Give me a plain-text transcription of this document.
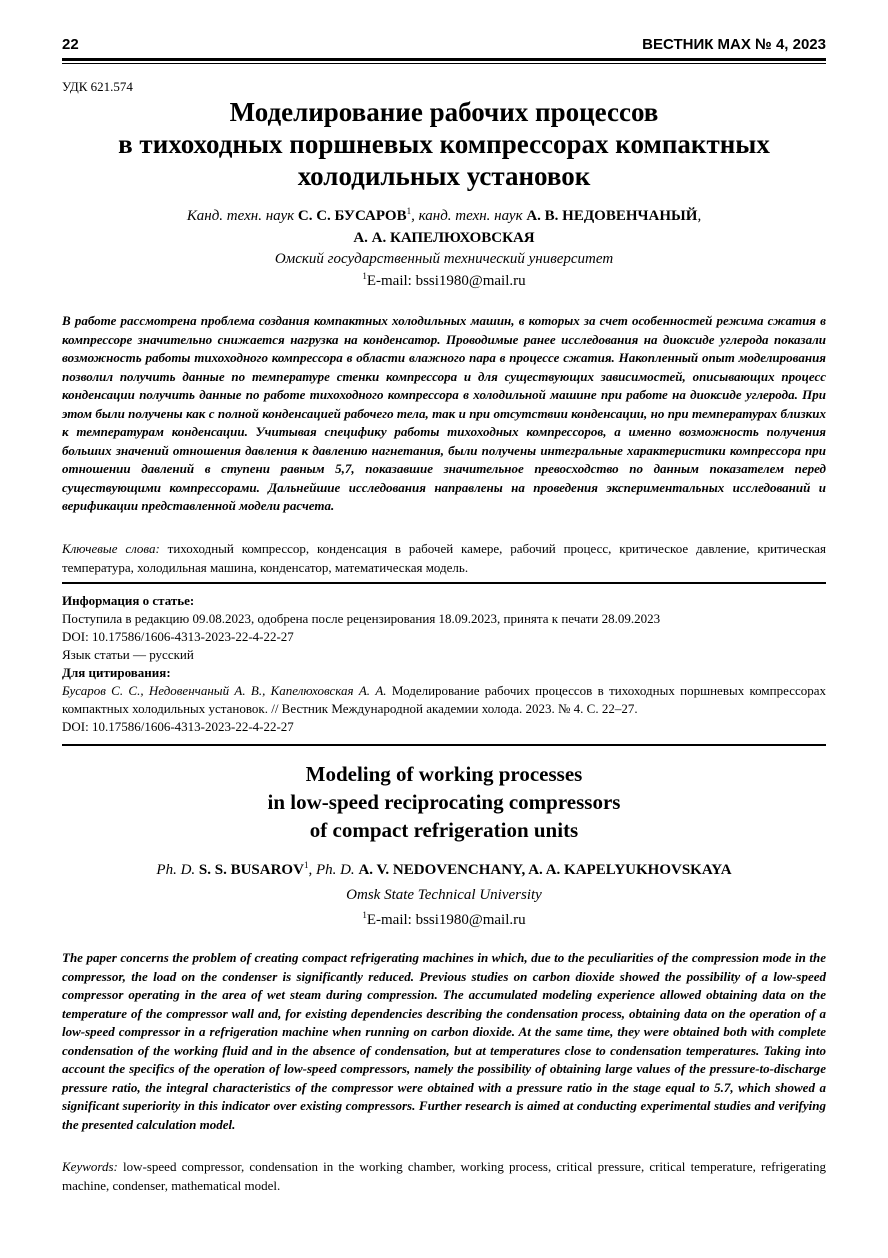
22	ВЕСТНИК МАХ № 4, 2023
УДК 621.574
Моделирование рабочих процессов
в тихоходных поршневых компрессорах компактных
холодильных установок
Канд. техн. наук С. С. БУСАРОВ$^1$, канд. техн. наук А. В. НЕДОВЕНЧАНЫЙ,
А. А. КАПЕЛЮХОВСКАЯ
Омский государственный технический университет
$^1$E-mail: bssi1980@mail.ru
В работе рассмотрена проблема создания компактных холодильных машин, в которых за счет особенностей режима сжатия в компрессоре значительно снижается нагрузка на конденсатор. Проводимые ранее исследования на диоксиде углерода показали возможность работы тихоходного компрессора в области влажного пара в процессе сжатия. Накопленный опыт моделирования позволил получить данные по температуре стенки компрессора и для существующих зависимостей, описывающих процесс конденсации получить данные по работе тихоходного компрессора в холодильной машине при работе на диоксиде углерода. При этом были получены как с полной конденсацией рабочего тела, так и при отсутствии конденсации, но при температурах близких к температурам конденсации. Учитывая специфику работы тихоходных компрессоров, а именно возможность получения больших значений отношения давления к давлению нагнетания, были получены интегральные характеристики компрессора при отношении давлений в ступени равным 5,7, показавшие значительное превосходство по данным показателем перед существующими компрессорами. Дальнейшие исследования направлены на проведения экспериментальных исследований и верификации представленной модели расчета.
Ключевые слова: тихоходный компрессор, конденсация в рабочей камере, рабочий процесс, критическое давление, критическая температура, холодильная машина, конденсатор, математическая модель.
Информация о статье:
Поступила в редакцию 09.08.2023, одобрена после рецензирования 18.09.2023, принята к печати 28.09.2023
DOI: 10.17586/1606-4313-2023-22-4-22-27
Язык статьи — русский
Для цитирования:
Бусаров С. С., Недовенчаный А. В., Капелюховская А. А. Моделирование рабочих процессов в тихоходных поршневых компрессорах компактных холодильных установок. // Вестник Международной академии холода. 2023. № 4. С. 22–27.
DOI: 10.17586/1606-4313-2023-22-4-22-27
Modeling of working processes
in low-speed reciprocating compressors
of compact refrigeration units
Ph. D. S. S. BUSAROV$^1$, Ph. D. A. V. NEDOVENCHANY, A. A. KAPELYUKHOVSKAYA
Omsk State Technical University
$^1$E-mail: bssi1980@mail.ru
The paper concerns the problem of creating compact refrigerating machines in which, due to the peculiarities of the compression mode in the compressor, the load on the condenser is significantly reduced. Previous studies on carbon dioxide showed the possibility of a low-speed compressor operating in the area of wet steam during compression. The accumulated modeling experience allowed obtaining data on the temperature of the compressor wall and, for existing dependencies describing the condensation process, obtaining data on the operation of a low-speed compressor in a refrigeration machine when running on carbon dioxide. At the same time, they were obtained both with complete condensation of the working fluid and in the absence of condensation, but at temperatures close to condensation temperatures. Taking into account the specifics of the operation of low-speed compressors, namely the possibility of obtaining large values of the pressure-to-discharge pressure ratio, the integral characteristics of the compressor were obtained with a pressure ratio in the stage equal to 5.7, which showed a significant superiority in this indicator over existing compressors. Further research is aimed at conducting experimental studies and verifying the presented calculation model.
Keywords: low-speed compressor, condensation in the working chamber, working process, critical pressure, critical temperature, refrigerating machine, condenser, mathematical model.
